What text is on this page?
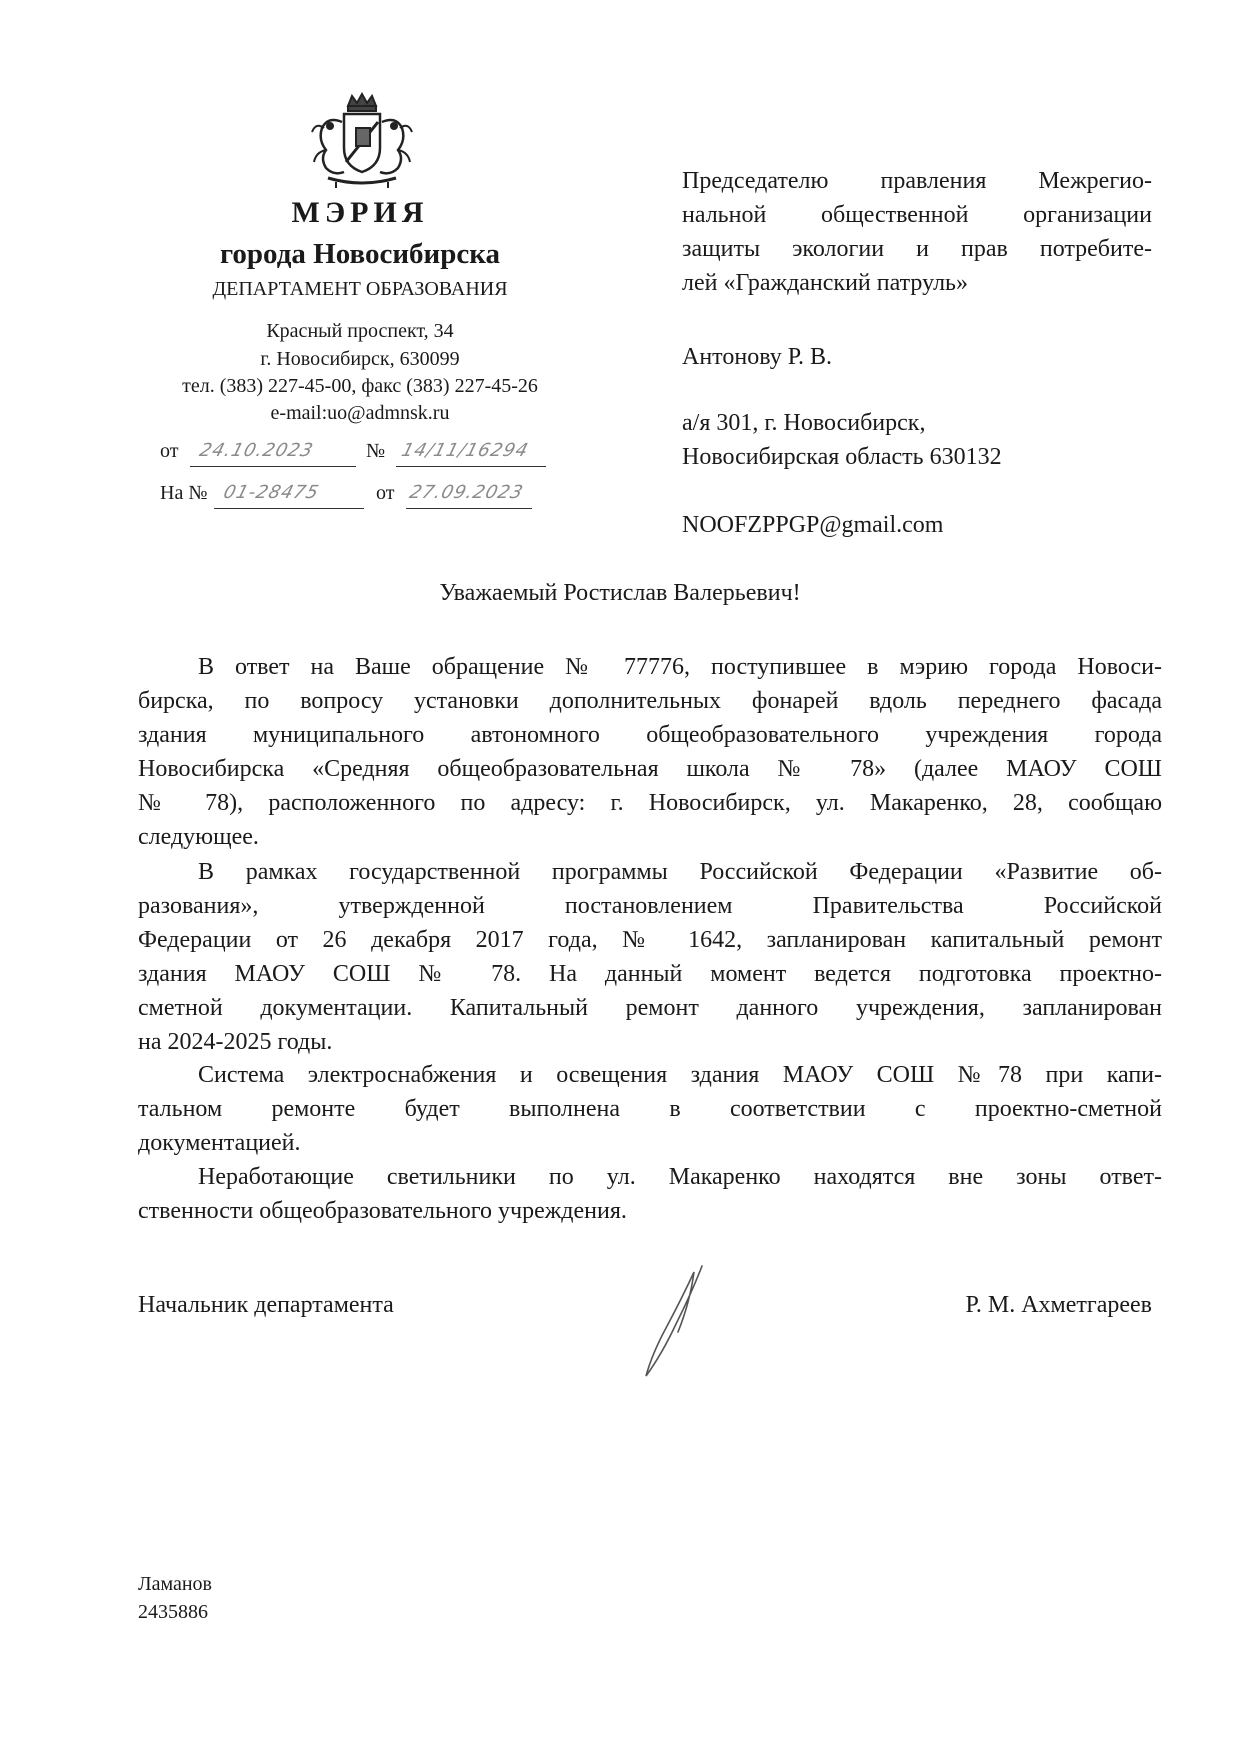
МЭРИЯ
города Новосибирска
ДЕПАРТАМЕНТ ОБРАЗОВАНИЯ
Красный проспект, 34
г. Новосибирск, 630099
тел. (383) 227-45-00, факс (383) 227-45-26
e-mail:uo@admnsk.ru
от 24.10.2023	№ 14/11/16294
На № 01-28475	от 27.09.2023
Председателю правления Межрегио-
нальной общественной организации
защиты экологии и прав потребите-
лей «Гражданский патруль»
Антонову Р. В.
а/я 301, г. Новосибирск,
Новосибирская область 630132
NOOFZPPGP@gmail.com
Уважаемый Ростислав Валерьевич!
В ответ на Ваше обращение № 77776, поступившее в мэрию города Новоси-
бирска, по вопросу установки дополнительных фонарей вдоль переднего фасада
здания муниципального автономного общеобразовательного учреждения города
Новосибирска «Средняя общеобразовательная школа № 78» (далее МАОУ СОШ
№ 78), расположенного по адресу: г. Новосибирск, ул. Макаренко, 28, сообщаю
следующее.
В рамках государственной программы Российской Федерации «Развитие об-
разования», утвержденной постановлением Правительства Российской
Федерации от 26 декабря 2017 года, № 1642, запланирован капитальный ремонт
здания МАОУ СОШ № 78. На данный момент ведется подготовка проектно-
сметной документации. Капитальный ремонт данного учреждения, запланирован
на 2024-2025 годы.
Система электроснабжения и освещения здания МАОУ СОШ №78 при капи-
тальном ремонте будет выполнена в соответствии с проектно-сметной
документацией.
Неработающие светильники по ул. Макаренко находятся вне зоны ответ-
ственности общеобразовательного учреждения.
Начальник департамента	Р. М. Ахметгареев
Ламанов
2435886
